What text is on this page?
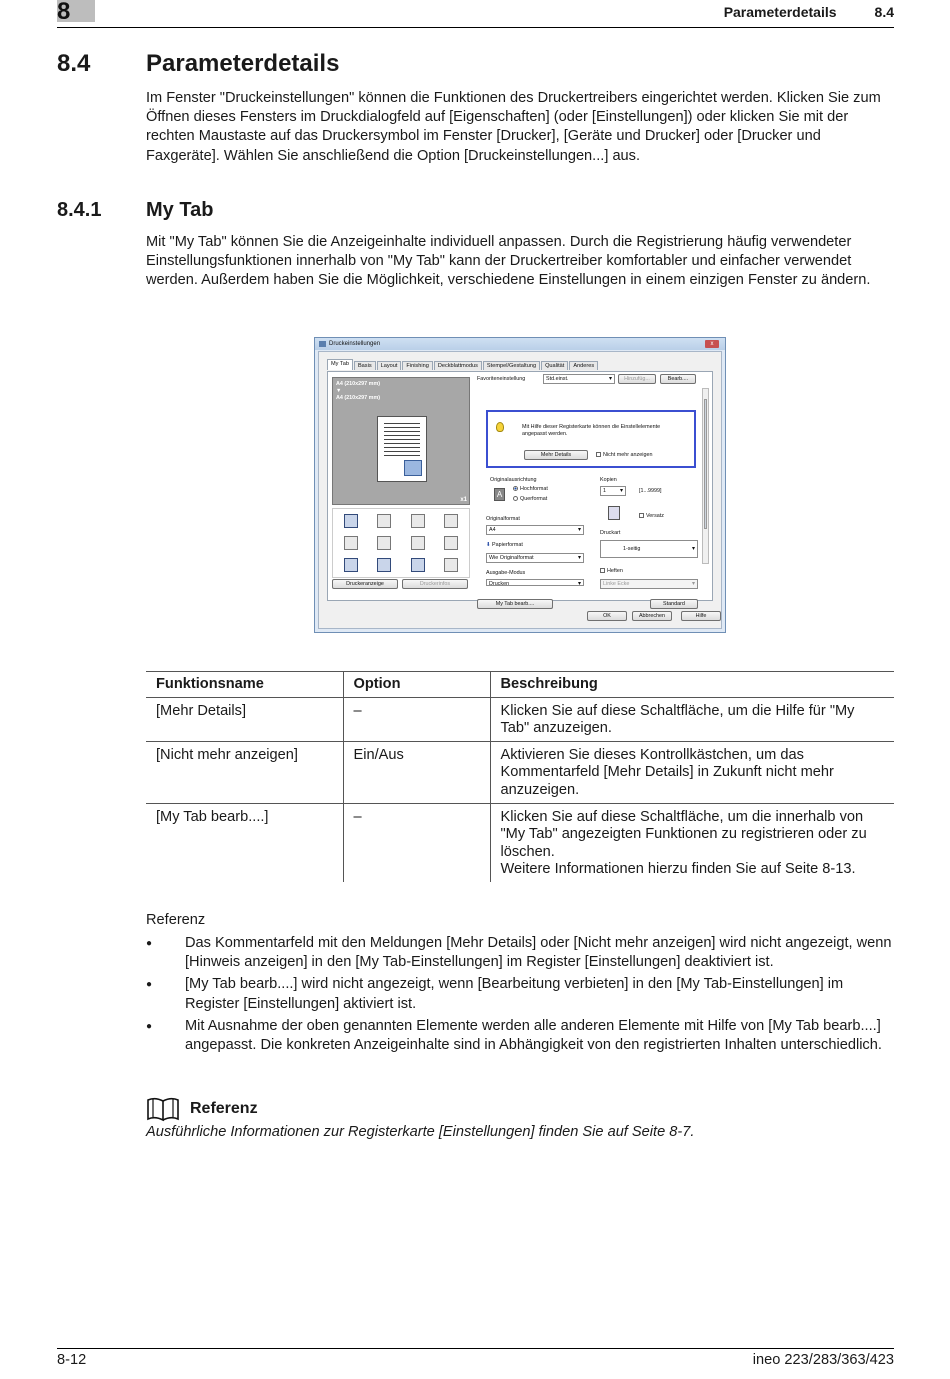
8	Parameterdetails	8.4
8.4 Parameterdetails

Im Fenster "Druckeinstellungen" können die Funktionen des Druckertreibers eingerichtet werden. Klicken Sie zum Öffnen dieses Fensters im Druckdialogfeld auf [Eigenschaften] (oder [Einstellungen]) oder klicken Sie mit der rechten Maustaste auf das Druckersymbol im Fenster [Drucker], [Geräte und Drucker] oder [Drucker und Faxgeräte]. Wählen Sie anschließend die Option [Druckeinstellungen...] aus.

8.4.1 My Tab

Mit "My Tab" können Sie die Anzeigeinhalte individuell anpassen. Durch die Registrierung häufig verwendeter Einstellungsfunktionen innerhalb von "My Tab" kann der Druckertreiber komfortabler und einfacher verwendet werden. Außerdem haben Sie die Möglichkeit, verschiedene Einstellungen in einem einzigen Fenster zu ändern.

Druckeinstellungen	x
My Tab	Basis	Layout	Finishing	Deckblattmodus	Stempel/Gestaltung	Qualität	Anderes
A4 (210x297 mm)
▼
A4 (210x297 mm)
x1
Druckeranzeige	Druckerinfos
Favoriteneinstellung	Std.einst. ▾	Hinzufüg...	Bearb....
Mit Hilfe dieser Registerkarte können die Einstellelemente angepasst werden.
Mehr Details	Nicht mehr anzeigen
Originalausrichtung
A
Hochformat
Querformat
Kopien
1 ▾	[1...9999]
Versatz
Originalformat
A4 ▾
⬇ Papierformat
Wie Originalformat ▾
Ausgabe-Modus
Drucken ▾
Druckart
1-seitig ▾
Heften
Linke Ecke ▾
My Tab bearb....	Standard
OK	Abbrechen	Hilfe
Funktionsname	Option	Beschreibung
[Mehr Details]	–	Klicken Sie auf diese Schaltfläche, um die Hilfe für "My Tab" anzuzeigen.

[Nicht mehr anzeigen]	Ein/Aus	Aktivieren Sie dieses Kontrollkästchen, um das Kommentarfeld [Mehr Details] in Zukunft nicht mehr anzuzeigen.

[My Tab bearb....]	–	Klicken Sie auf diese Schaltfläche, um die innerhalb von "My Tab" angezeigten Funktionen zu registrieren oder zu löschen.
Weitere Informationen hierzu finden Sie auf Seite 8-13.
Referenz
● Das Kommentarfeld mit den Meldungen [Mehr Details] oder [Nicht mehr anzeigen] wird nicht angezeigt, wenn [Hinweis anzeigen] in den [My Tab-Einstellungen] im Register [Einstellungen] deaktiviert ist.
● [My Tab bearb....] wird nicht angezeigt, wenn [Bearbeitung verbieten] in den [My Tab-Einstellungen] im Register [Einstellungen] aktiviert ist.
● Mit Ausnahme der oben genannten Elemente werden alle anderen Elemente mit Hilfe von [My Tab bearb....] angepasst. Die konkreten Anzeigeinhalte sind in Abhängigkeit von den registrierten Inhalten unterschiedlich.
Referenz
Ausführliche Informationen zur Registerkarte [Einstellungen] finden Sie auf Seite 8-7.
8-12	ineo 223/283/363/423
